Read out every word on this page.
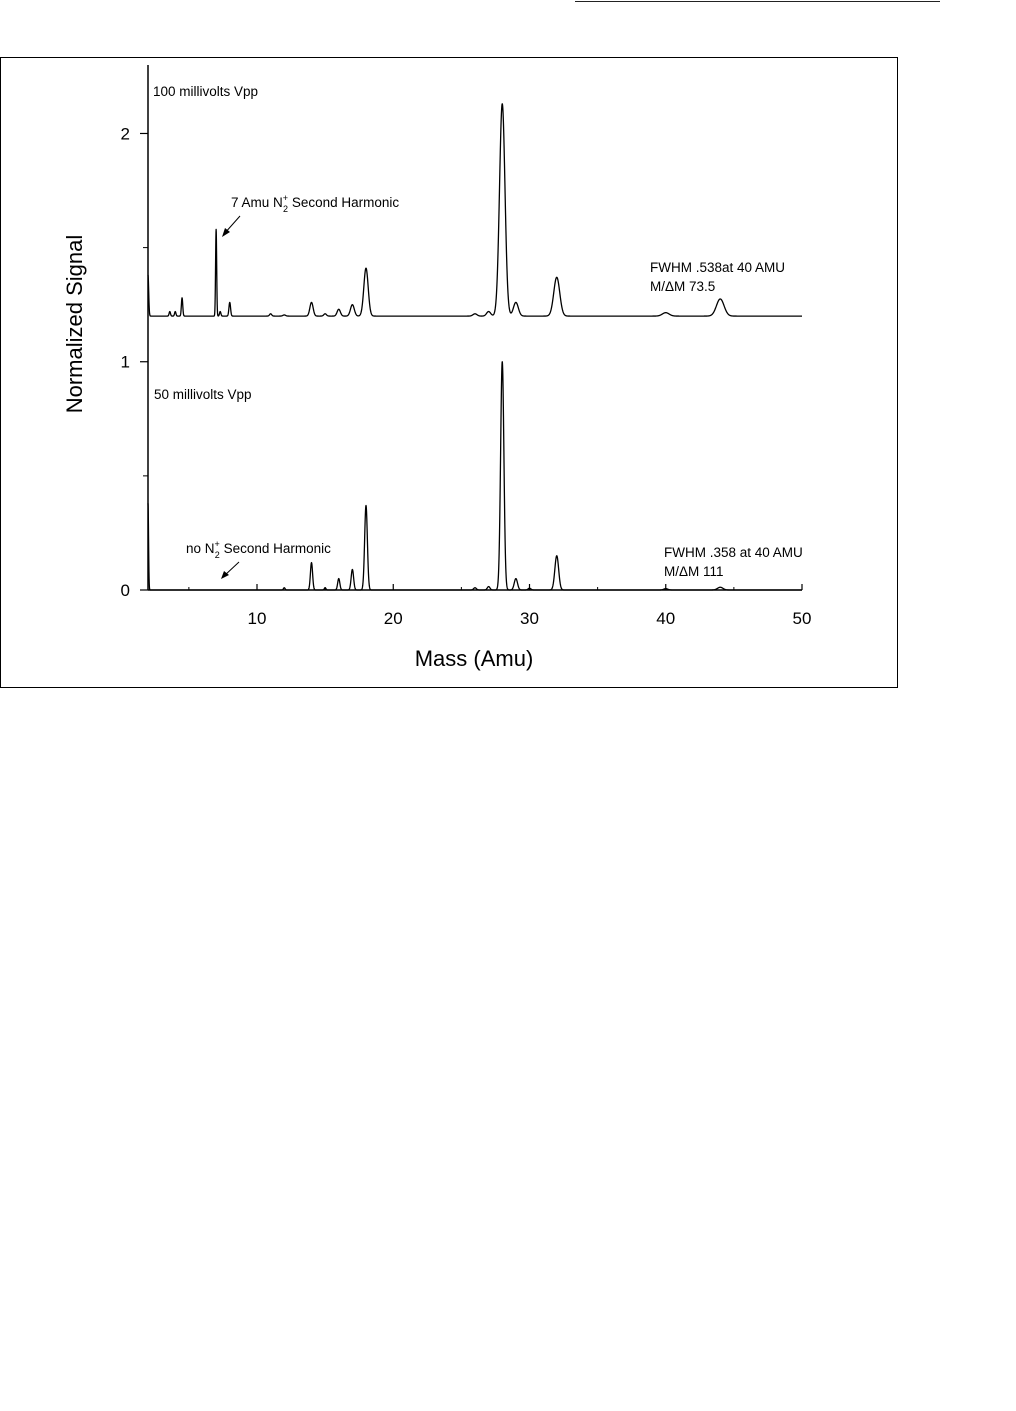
10	20	30	40	50
0
1
2
Mass (Amu)
Normalized Signal
100 millivolts Vpp
50 millivolts Vpp
7 Amu N+ 2 Second Harmonic
no N+ 2 Second Harmonic
FWHM .538at 40 AMU
M/ΔM 73.5
FWHM .358 at 40 AMU
M/ΔM 111
